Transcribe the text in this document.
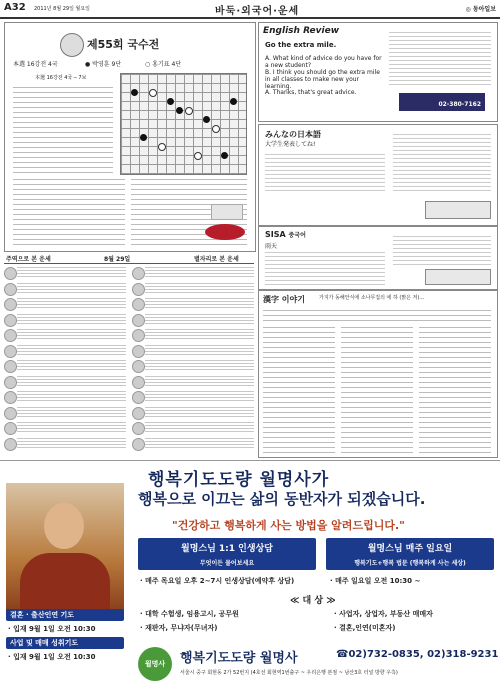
A32 2011년 8월 29일 월요일	바둑·외국어·운세	◎ 동아일보
제55회 국수전
本選 16강전 4국	● 박영훈 9단	○ 홍기표 4단
本選 16강전 4국 ─ 7보
English Review
Go the extra mile.
A. What kind of advice do you have for a new student?
B. I think you should go the extra mile in all classes to make new your learning.
A. Thanks, that's great advice.
02-380-7162
みんなの日本語
大学生発表してね!
SISA 중국어
雨天
주역으로 본 운세	8월 29일	별자리로 본 운세
漢字 이야기	가지가 동해안식에 소나무집의 에 하 (맑은 저)...
행복기도도량 월명사가
행복으로 이끄는 삶의 동반자가 되겠습니다.
"건강하고 행복하게 사는 방법을 알려드립니다."
월명스님 1:1 인생상담
무엇이든 물어보세요
월명스님 매주 일요일
행복기도+행복 법문 (행복하게 사는 세상)
· 매주 목요일 오후 2~7시 인생상담(예약후 상담)	· 매주 일요일 오전 10:30 ~
≪ 대 상 ≫
· 대학 수험생, 임용고시, 공무원
· 재판자, 무냐자(무녀자)
· 사업자, 상업자, 부동산 매매자
· 결혼,인연(미혼자)
결혼 · 출산인연 기도
· 입재 9월 1일 오전 10:30
사업 및 매매 성취기도
· 입재 9월 1일 오전 10:30
월명사	행복기도도량 월명사	☎02)732-0835, 02)318-9231
서울시 중구 회현동 2가 52번지 (4호선 회현역1번출구 ~ 우리은행 본점 ~ 남산3호 터널 방향 우측)
